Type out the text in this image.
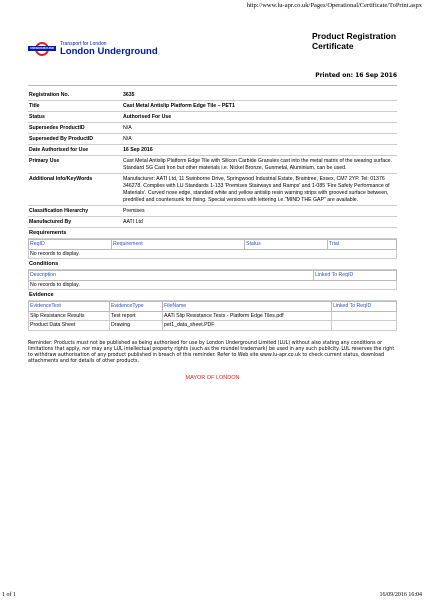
http://www.lu-apr.co.uk/Pages/Operational/Certificate/ToPrint.aspx
UNDERGROUND
Transport for London
London Underground
Product Registration Certificate
Printed on: 16 Sep 2016
Registration No.	3635
Title	Cast Metal Antislip Platform Edge Tile – PET1
Status	Authorised For Use
Supersedes ProductID	N/A
Superseded By ProductID	N/A
Date Authorised for Use	16 Sep 2016
Primary Use	Cast Metal Antislip Platform Edge Tile with Silicon Carbide Granules cast into the metal matrix of the wearing surface. Standard SG Cast Iron but other materials i.e. Nickel Bronze, Gunmetal, Aluminium, can be used.
Additional Info/KeyWords	Manufacturer: AATI Ltd, 11 Swinborne Drive, Springwood Industrial Estate, Braintree, Essex, CM7 2YP. Tel: 01376 346278. Complies with LU Standards 1-133 'Premises Stairways and Ramps' and 1-085 'Fire Safety Performance of Materials'. Curved nose edge, standard white and yellow antislip resin warning strips with grooved surface between, predrilled and countersunk for fixing. Special versions with lettering i.e."MIND THE GAP" are available.
Classification Hierarchy	Premises
Manufactured By	AATI Ltd
Requirements
ReqID	Requirement	Status	Trial
No records to display.
Conditions
Description	Linked To ReqID
No records to display.
Evidence
EvidenceText	EvidenceType	FileName	Linked To ReqID
Slip Resistance Results	Test report	AATi Slip Resistance Tests - Platform Edge Tiles.pdf	
Product Data Sheet	Drawing	pet1_data_sheet.PDF	
Reminder: Products must not be published as being authorised for use by London Underground Limited (LUL) without also stating any conditions or limitations that apply, nor may any LUL intellectual property rights (such as the roundel trademark) be used in any such publicity. LUL reserves the right to withdraw authorisation of any product published in breach of this reminder. Refer to Web site www.lu-apr.co.uk to check current status, download attachments and for details of other products.
MAYOR OF LONDON
1 of 1	16/09/2016 16:04
